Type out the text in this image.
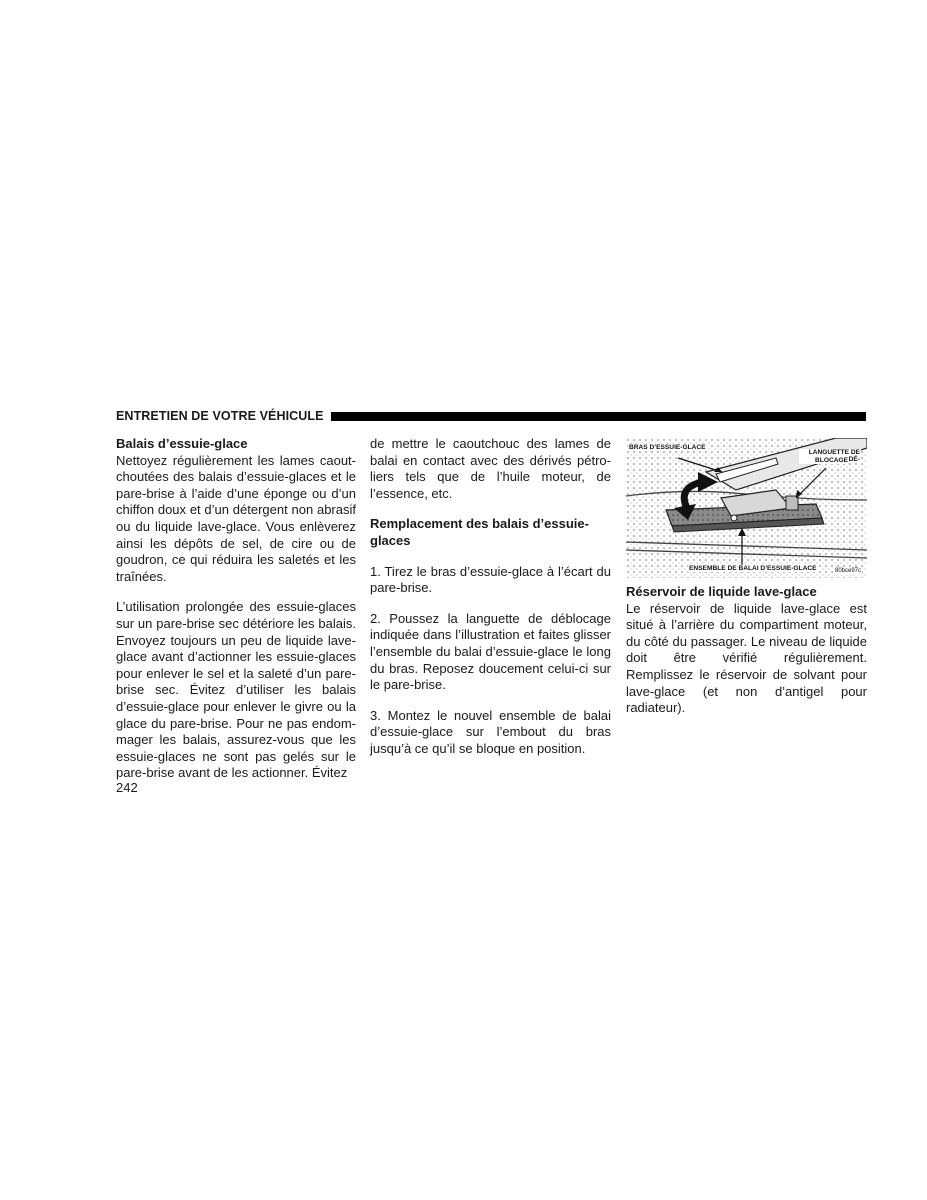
ENTRETIEN DE VOTRE VÉHICULE
Balais d’essuie-glace

Nettoyez régulièrement les lames caout-choutées des balais d’essuie-glaces et le pare-brise à l’aide d’une éponge ou d’un chiffon doux et d’un détergent non abrasif ou du liquide lave-glace. Vous enlèverez ainsi les dépôts de sel, de cire ou de goudron, ce qui réduira les saletés et les traînées.

L’utilisation prolongée des essuie-glaces sur un pare-brise sec détériore les balais. Envoyez toujours un peu de liquide lave-glace avant d’actionner les essuie-glaces pour enlever le sel et la saleté d’un pare-brise sec. Évitez d’utiliser les balais d’essuie-glace pour enlever le givre ou la glace du pare-brise. Pour ne pas endom-mager les balais, assurez-vous que les essuie-glaces ne sont pas gelés sur le pare-brise avant de les actionner. Évitez

de mettre le caoutchouc des lames de balai en contact avec des dérivés pétro-liers tels que de l’huile moteur, de l’essence, etc.

Remplacement des balais d’essuie-glaces

1. Tirez le bras d’essuie-glace à l’écart du pare-brise.

2. Poussez la languette de déblocage indiquée dans l’illustration et faites glisser l’ensemble du balai d’essuie-glace le long du bras. Reposez doucement celui-ci sur le pare-brise.

3. Montez le nouvel ensemble de balai d’essuie-glace sur l’embout du bras jusqu’à ce qu’il se bloque en position.

BRAS D’ESSUIE-GLACE
LANGUETTE DE DÉ-
BLOCAGE
ENSEMBLE DE BALAI D’ESSUIE-GLACE	80bce97c
Réservoir de liquide lave-glace

Le réservoir de liquide lave-glace est situé à l’arrière du compartiment moteur, du côté du passager. Le niveau de liquide doit être vérifié régulièrement. Remplissez le réservoir de solvant pour lave-glace (et non d’antigel pour radiateur).

242
